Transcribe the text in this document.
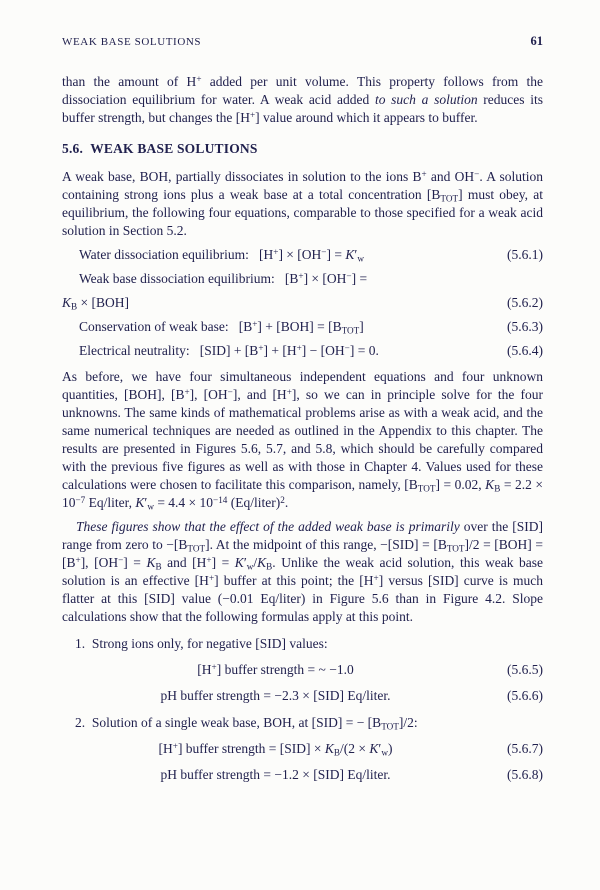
WEAK BASE SOLUTIONS	61

than the amount of H+ added per unit volume. This property follows from the dissociation equilibrium for water. A weak acid added to such a solution reduces its buffer strength, but changes the [H+] value around which it appears to buffer.

5.6.  WEAK BASE SOLUTIONS

A weak base, BOH, partially dissociates in solution to the ions B+ and OH−. A solution containing strong ions plus a weak base at a total concentration $[B_{TOT}]$ must obey, at equilibrium, the following four equations, comparable to those specified for a weak acid solution in Section 5.2.

Water dissociation equilibrium:   $[H^+] \times [OH^-] = K'_w$	(5.6.1)
Weak base dissociation equilibrium:   [B+] × [OH−] =
$K_B \times [BOH]$	(5.6.2)
Conservation of weak base:   $[B^+] + [BOH] = [B_{TOT}]$	(5.6.3)
Electrical neutrality:   [SID] + [B+] + [H+] − [OH−] = 0.	(5.6.4)

As before, we have four simultaneous independent equations and four unknown quantities, [BOH], [B+], [OH−], and [H+], so we can in principle solve for the four unknowns. The same kinds of mathematical problems arise as with a weak acid, and the same numerical techniques are needed as outlined in the Appendix to this chapter. The results are presented in Figures 5.6, 5.7, and 5.8, which should be carefully compared with the previous five figures as well as with those in Chapter 4. Values used for these calculations were chosen to facilitate this comparison, namely, $[B_{TOT}] = 0.02$, $K_B = 2.2 \times 10^{-7}$ Eq/liter, $K'_w = 4.4 \times 10^{-14}$ (Eq/liter)$^2$.

These figures show that the effect of the added weak base is primarily over the [SID] range from zero to $-[B_{TOT}]$. At the midpoint of this range, $-[SID] = [B_{TOT}]/2 = [BOH] = [B^+]$, $[OH^-] = K_B$ and $[H^+] = K'_w/K_B$. Unlike the weak acid solution, this weak base solution is an effective [H+] buffer at this point; the [H+] versus [SID] curve is much flatter at this [SID] value (−0.01 Eq/liter) in Figure 5.6 than in Figure 4.2. Slope calculations show that the following formulas apply at this point.

1.  Strong ions only, for negative [SID] values:

[H+] buffer strength = ~ −1.0	(5.6.5)
pH buffer strength = −2.3 × [SID] Eq/liter.	(5.6.6)

2.  Solution of a single weak base, BOH, at [SID] = − $[B_{TOT}]/2$:

[H+] buffer strength = $[SID] \times K_B/(2 \times K'_w)$	(5.6.7)
pH buffer strength = −1.2 × [SID] Eq/liter.	(5.6.8)
